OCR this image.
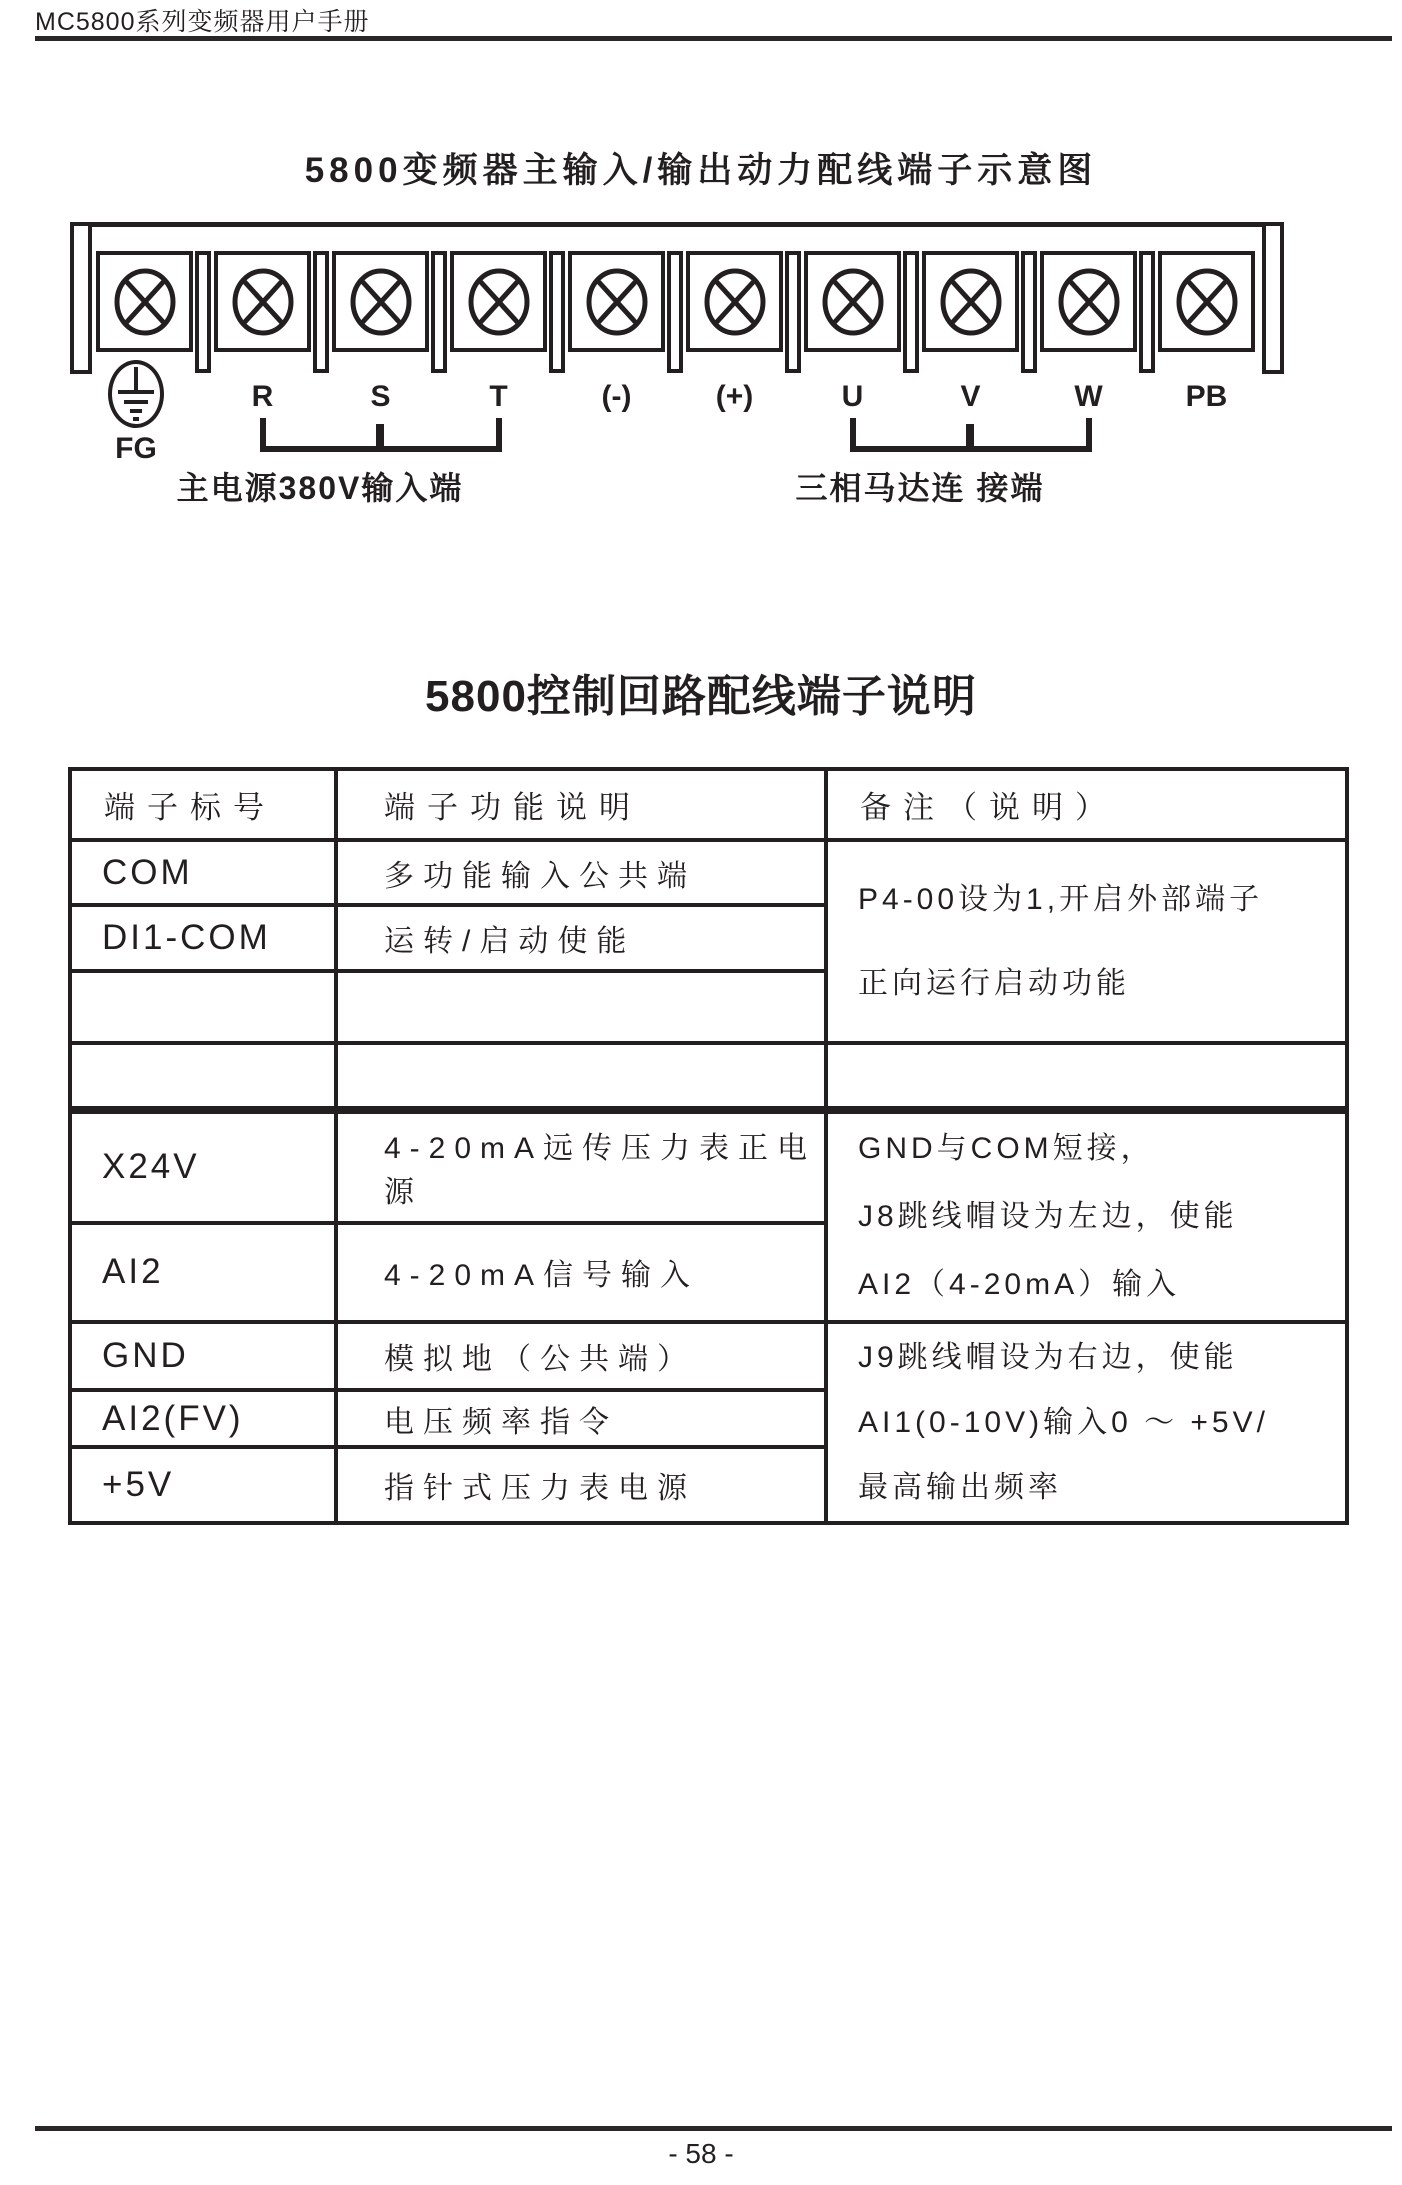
MC5800系列变频器用户手册
5800变频器主输入/输出动力配线端子示意图
FG
R	S	T	(-)	(+)	U	V	W	PB
主电源380V输入端	三相马达连 接端
5800控制回路配线端子说明
端子标号	端子功能说明	备注（说明）
COM	多功能输入公共端	P4-00设为1,开启外部端子
正向运行启动功能

DI1-COM	运转/启动使能	

X24V	4-20mA远传压力表正电源	GND与COM短接，
J8跳线帽设为左边，使能
AI2（4-20mA）输入

AI2	4-20mA信号输入	
GND	模拟地（公共端）	J9跳线帽设为右边，使能
AI1(0-10V)输入0 ～ +5V/
最高输出频率

AI2(FV)	电压频率指令	
+5V	指针式压力表电源	
- 58 -
